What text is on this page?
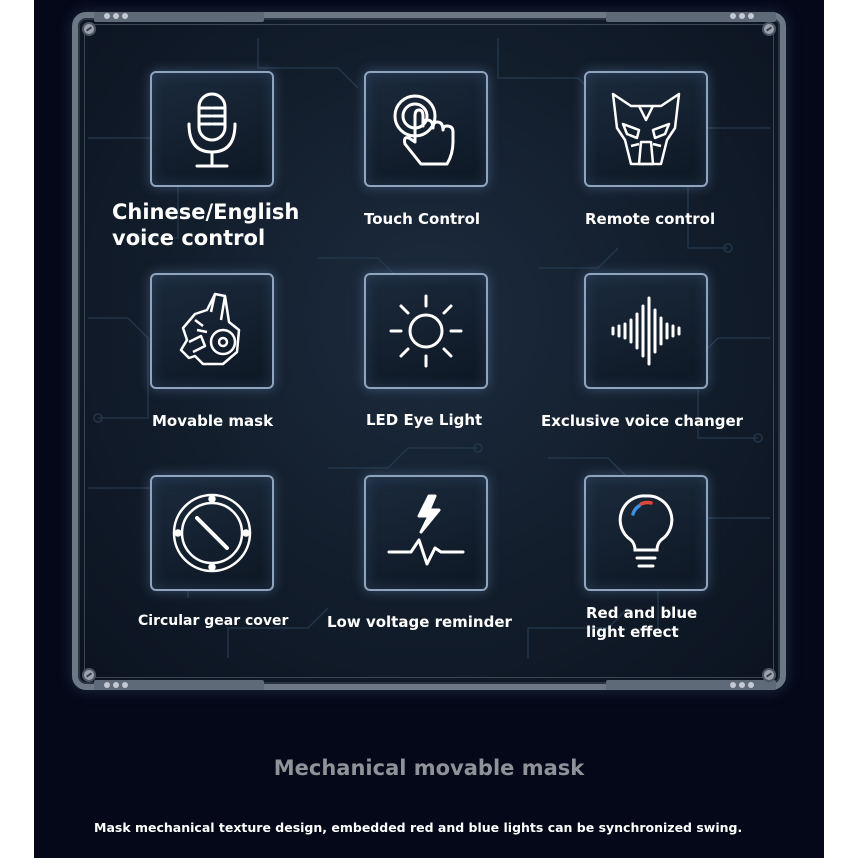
Chinese/English voice control
Touch Control	Remote control
Movable mask	LED Eye Light	Exclusive voice changer
Circular gear cover	Low voltage reminder	Red and blue light effect
Mechanical movable mask
Mask mechanical texture design, embedded red and blue lights can be synchronized swing.
